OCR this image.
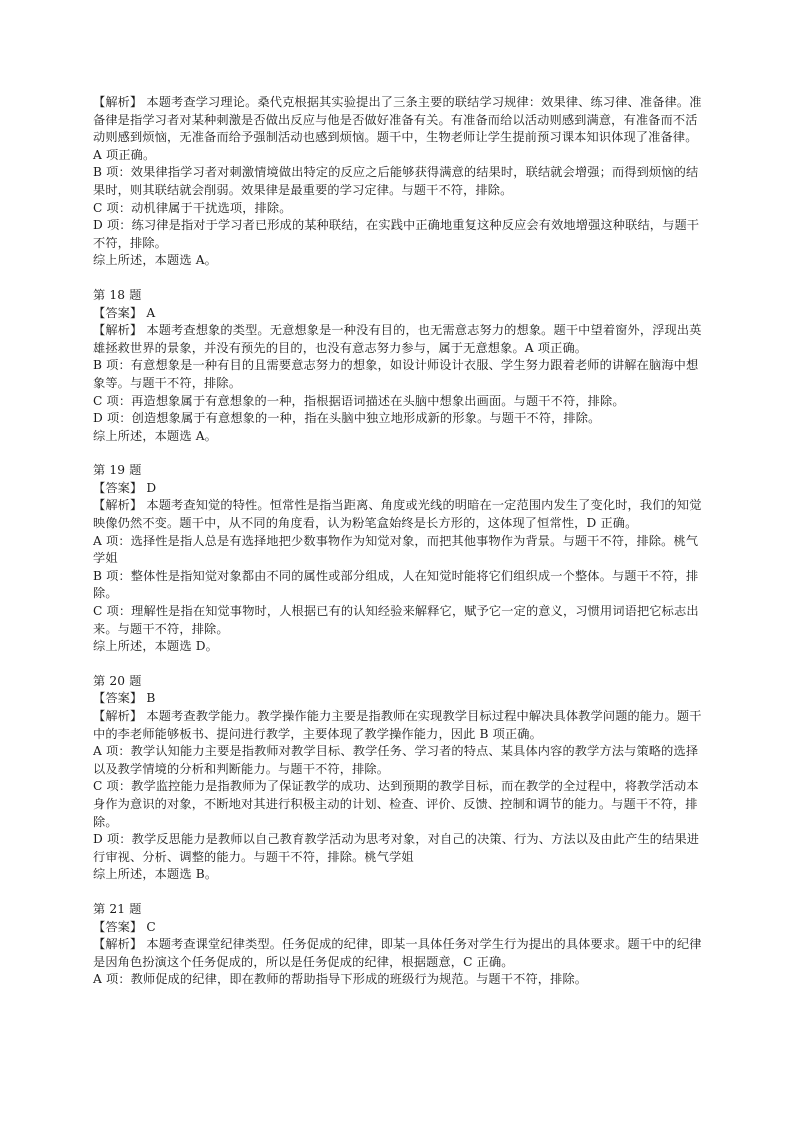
【解析】 本题考查学习理论。桑代克根据其实验提出了三条主要的联结学习规律：效果律、练习律、准备律。准备律是指学习者对某种刺激是否做出反应与他是否做好准备有关。有准备而给以活动则感到满意，有准备而不活动则感到烦恼，无准备而给予强制活动也感到烦恼。题干中，生物老师让学生提前预习课本知识体现了准备律。A 项正确。

B 项：效果律指学习者对刺激情境做出特定的反应之后能够获得满意的结果时，联结就会增强；而得到烦恼的结果时，则其联结就会削弱。效果律是最重要的学习定律。与题干不符，排除。

C 项：动机律属于干扰选项，排除。

D 项：练习律是指对于学习者已形成的某种联结，在实践中正确地重复这种反应会有效地增强这种联结，与题干不符，排除。

综上所述，本题选 A。

第 18 题

【答案】 A

【解析】 本题考查想象的类型。无意想象是一种没有目的，也无需意志努力的想象。题干中望着窗外，浮现出英雄拯救世界的景象，并没有预先的目的，也没有意志努力参与，属于无意想象。A 项正确。

B 项：有意想象是一种有目的且需要意志努力的想象，如设计师设计衣服、学生努力跟着老师的讲解在脑海中想象等。与题干不符，排除。

C 项：再造想象属于有意想象的一种，指根据语词描述在头脑中想象出画面。与题干不符，排除。

D 项：创造想象属于有意想象的一种，指在头脑中独立地形成新的形象。与题干不符，排除。

综上所述，本题选 A。

第 19 题

【答案】 D

【解析】 本题考查知觉的特性。恒常性是指当距离、角度或光线的明暗在一定范围内发生了变化时，我们的知觉映像仍然不变。题干中，从不同的角度看，认为粉笔盒始终是长方形的，这体现了恒常性，D 正确。

A 项：选择性是指人总是有选择地把少数事物作为知觉对象，而把其他事物作为背景。与题干不符，排除。桃气学姐

B 项：整体性是指知觉对象都由不同的属性或部分组成，人在知觉时能将它们组织成一个整体。与题干不符，排除。

C 项：理解性是指在知觉事物时，人根据已有的认知经验来解释它，赋予它一定的意义，习惯用词语把它标志出来。与题干不符，排除。

综上所述，本题选 D。

第 20 题

【答案】 B

【解析】 本题考查教学能力。教学操作能力主要是指教师在实现教学目标过程中解决具体教学问题的能力。题干中的李老师能够板书、提问进行教学，主要体现了教学操作能力，因此 B 项正确。

A 项：教学认知能力主要是指教师对教学目标、教学任务、学习者的特点、某具体内容的教学方法与策略的选择以及教学情境的分析和判断能力。与题干不符，排除。

C 项：教学监控能力是指教师为了保证教学的成功、达到预期的教学目标，而在教学的全过程中，将教学活动本身作为意识的对象，不断地对其进行积极主动的计划、检查、评价、反馈、控制和调节的能力。与题干不符，排除。

D 项：教学反思能力是教师以自己教育教学活动为思考对象，对自己的决策、行为、方法以及由此产生的结果进行审视、分析、调整的能力。与题干不符，排除。桃气学姐

综上所述，本题选 B。

第 21 题

【答案】 C

【解析】 本题考查课堂纪律类型。任务促成的纪律，即某一具体任务对学生行为提出的具体要求。题干中的纪律是因角色扮演这个任务促成的，所以是任务促成的纪律，根据题意，C 正确。

A 项：教师促成的纪律，即在教师的帮助指导下形成的班级行为规范。与题干不符，排除。
